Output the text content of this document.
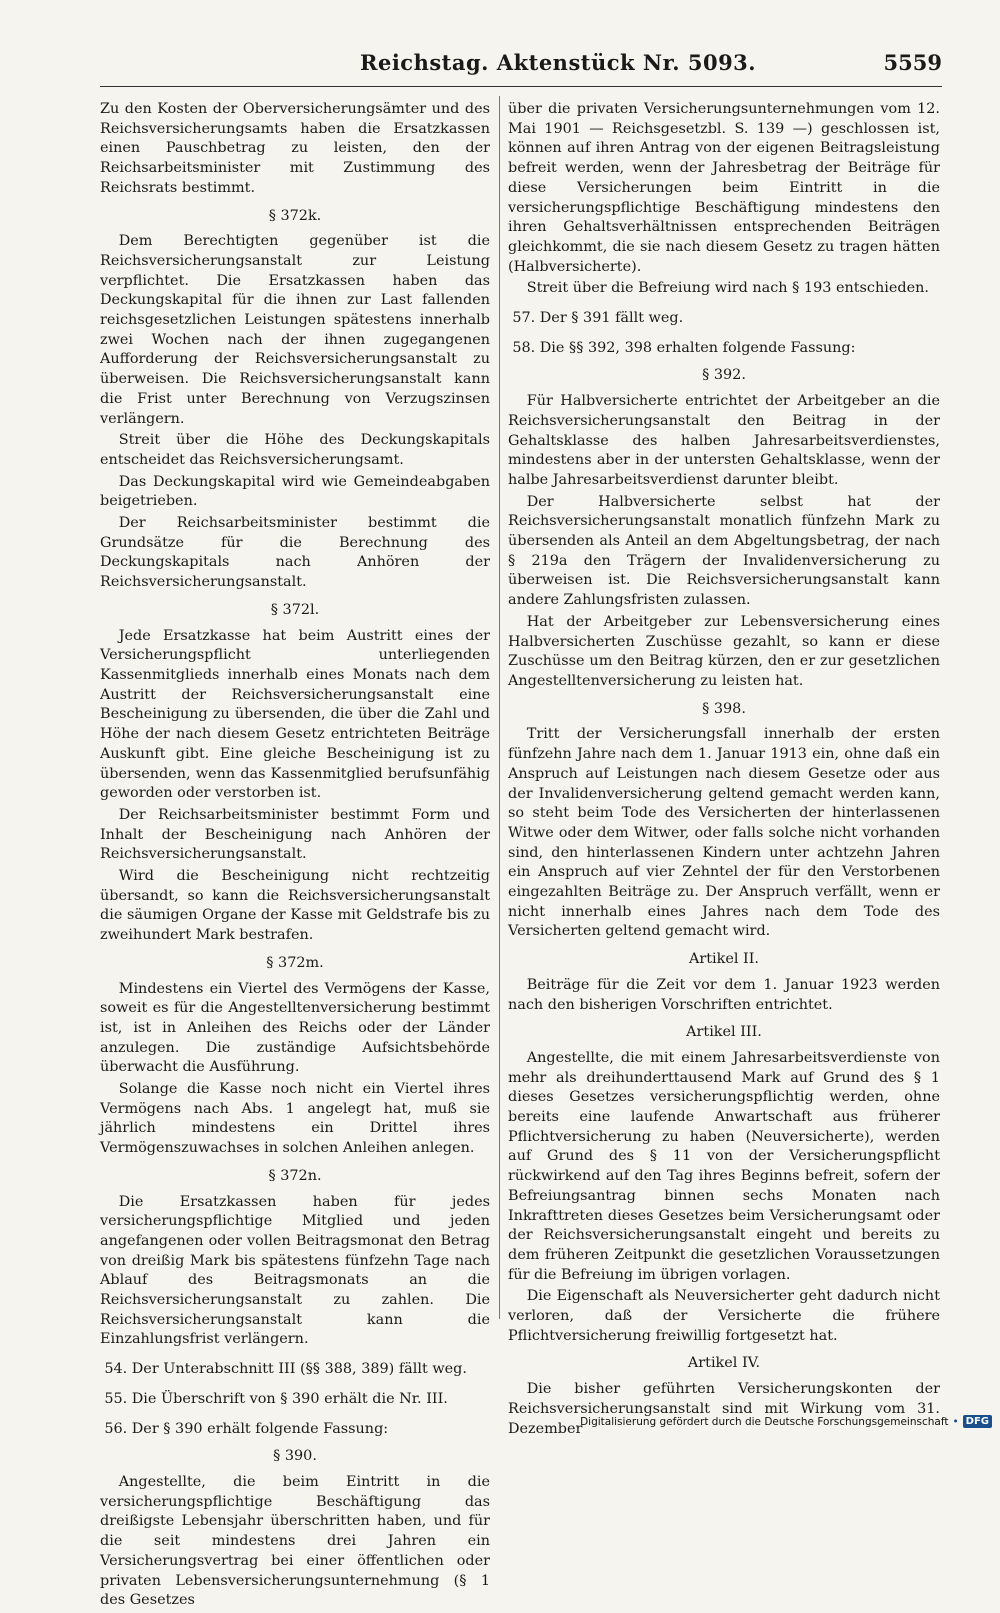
Reichstag. Aktenstück Nr. 5093.	5559

Zu den Kosten der Oberversicherungsämter und des Reichsversicherungsamts haben die Ersatzkassen einen Pauschbetrag zu leisten, den der Reichsarbeitsminister mit Zustimmung des Reichsrats bestimmt.

§ 372k.

Dem Berechtigten gegenüber ist die Reichsversicherungsanstalt zur Leistung verpflichtet. Die Ersatzkassen haben das Deckungskapital für die ihnen zur Last fallenden reichsgesetzlichen Leistungen spätestens innerhalb zwei Wochen nach der ihnen zugegangenen Aufforderung der Reichsversicherungsanstalt zu überweisen. Die Reichsversicherungsanstalt kann die Frist unter Berechnung von Verzugszinsen verlängern.

Streit über die Höhe des Deckungskapitals entscheidet das Reichsversicherungsamt.

Das Deckungskapital wird wie Gemeindeabgaben beigetrieben.

Der Reichsarbeitsminister bestimmt die Grundsätze für die Berechnung des Deckungskapitals nach Anhören der Reichsversicherungsanstalt.

§ 372l.

Jede Ersatzkasse hat beim Austritt eines der Versicherungspflicht unterliegenden Kassenmitglieds innerhalb eines Monats nach dem Austritt der Reichsversicherungsanstalt eine Bescheinigung zu übersenden, die über die Zahl und Höhe der nach diesem Gesetz entrichteten Beiträge Auskunft gibt. Eine gleiche Bescheinigung ist zu übersenden, wenn das Kassenmitglied berufsunfähig geworden oder verstorben ist.

Der Reichsarbeitsminister bestimmt Form und Inhalt der Bescheinigung nach Anhören der Reichsversicherungsanstalt.

Wird die Bescheinigung nicht rechtzeitig übersandt, so kann die Reichsversicherungsanstalt die säumigen Organe der Kasse mit Geldstrafe bis zu zweihundert Mark bestrafen.

§ 372m.

Mindestens ein Viertel des Vermögens der Kasse, soweit es für die Angestelltenversicherung bestimmt ist, ist in Anleihen des Reichs oder der Länder anzulegen. Die zuständige Aufsichtsbehörde überwacht die Ausführung.

Solange die Kasse noch nicht ein Viertel ihres Vermögens nach Abs. 1 angelegt hat, muß sie jährlich mindestens ein Drittel ihres Vermögenszuwachses in solchen Anleihen anlegen.

§ 372n.

Die Ersatzkassen haben für jedes versicherungspflichtige Mitglied und jeden angefangenen oder vollen Beitragsmonat den Betrag von dreißig Mark bis spätestens fünfzehn Tage nach Ablauf des Beitragsmonats an die Reichsversicherungsanstalt zu zahlen. Die Reichsversicherungsanstalt kann die Einzahlungsfrist verlängern.

54. Der Unterabschnitt III (§§ 388, 389) fällt weg.
55. Die Überschrift von § 390 erhält die Nr. III.
56. Der § 390 erhält folgende Fassung:
§ 390.

Angestellte, die beim Eintritt in die versicherungspflichtige Beschäftigung das dreißigste Lebensjahr überschritten haben, und für die seit mindestens drei Jahren ein Versicherungsvertrag bei einer öffentlichen oder privaten Lebensversicherungsunternehmung (§ 1 des Gesetzes

über die privaten Versicherungsunternehmungen vom 12. Mai 1901 — Reichsgesetzbl. S. 139 —) geschlossen ist, können auf ihren Antrag von der eigenen Beitragsleistung befreit werden, wenn der Jahresbetrag der Beiträge für diese Versicherungen beim Eintritt in die versicherungspflichtige Beschäftigung mindestens den ihren Gehaltsverhältnissen entsprechenden Beiträgen gleichkommt, die sie nach diesem Gesetz zu tragen hätten (Halbversicherte).

Streit über die Befreiung wird nach § 193 entschieden.

57. Der § 391 fällt weg.
58. Die §§ 392, 398 erhalten folgende Fassung:
§ 392.

Für Halbversicherte entrichtet der Arbeitgeber an die Reichsversicherungsanstalt den Beitrag in der Gehaltsklasse des halben Jahresarbeitsverdienstes, mindestens aber in der untersten Gehaltsklasse, wenn der halbe Jahresarbeitsverdienst darunter bleibt.

Der Halbversicherte selbst hat der Reichsversicherungsanstalt monatlich fünfzehn Mark zu übersenden als Anteil an dem Abgeltungsbetrag, der nach § 219a den Trägern der Invalidenversicherung zu überweisen ist. Die Reichsversicherungsanstalt kann andere Zahlungsfristen zulassen.

Hat der Arbeitgeber zur Lebensversicherung eines Halbversicherten Zuschüsse gezahlt, so kann er diese Zuschüsse um den Beitrag kürzen, den er zur gesetzlichen Angestelltenversicherung zu leisten hat.

§ 398.

Tritt der Versicherungsfall innerhalb der ersten fünfzehn Jahre nach dem 1. Januar 1913 ein, ohne daß ein Anspruch auf Leistungen nach diesem Gesetze oder aus der Invalidenversicherung geltend gemacht werden kann, so steht beim Tode des Versicherten der hinterlassenen Witwe oder dem Witwer, oder falls solche nicht vorhanden sind, den hinterlassenen Kindern unter achtzehn Jahren ein Anspruch auf vier Zehntel der für den Verstorbenen eingezahlten Beiträge zu. Der Anspruch verfällt, wenn er nicht innerhalb eines Jahres nach dem Tode des Versicherten geltend gemacht wird.

Artikel II.

Beiträge für die Zeit vor dem 1. Januar 1923 werden nach den bisherigen Vorschriften entrichtet.

Artikel III.

Angestellte, die mit einem Jahresarbeitsverdienste von mehr als dreihunderttausend Mark auf Grund des § 1 dieses Gesetzes versicherungspflichtig werden, ohne bereits eine laufende Anwartschaft aus früherer Pflichtversicherung zu haben (Neuversicherte), werden auf Grund des § 11 von der Versicherungspflicht rückwirkend auf den Tag ihres Beginns befreit, sofern der Befreiungsantrag binnen sechs Monaten nach Inkrafttreten dieses Gesetzes beim Versicherungsamt oder der Reichsversicherungsanstalt eingeht und bereits zu dem früheren Zeitpunkt die gesetzlichen Voraussetzungen für die Befreiung im übrigen vorlagen.

Die Eigenschaft als Neuversicherter geht dadurch nicht verloren, daß der Versicherte die frühere Pflichtversicherung freiwillig fortgesetzt hat.

Artikel IV.

Die bisher geführten Versicherungskonten der Reichsversicherungsanstalt sind mit Wirkung vom 31. Dezember

Digitalisierung gefördert durch die Deutsche Forschungsgemeinschaft • DFG
